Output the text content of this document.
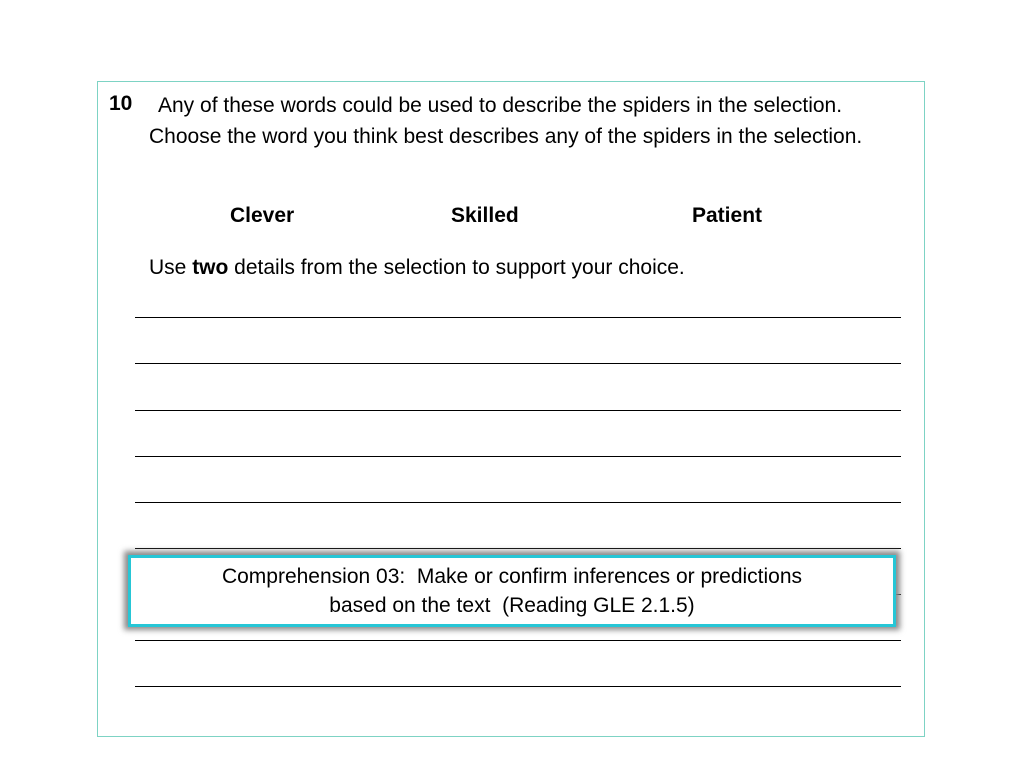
10	Any of these words could be used to describe the spiders in the selection. Choose the word you think best describes any of the spiders in the selection.

Clever	Skilled	Patient
Use two details from the selection to support your choice.

Comprehension 03:  Make or confirm inferences or predictions
based on the text  (Reading GLE 2.1.5)
